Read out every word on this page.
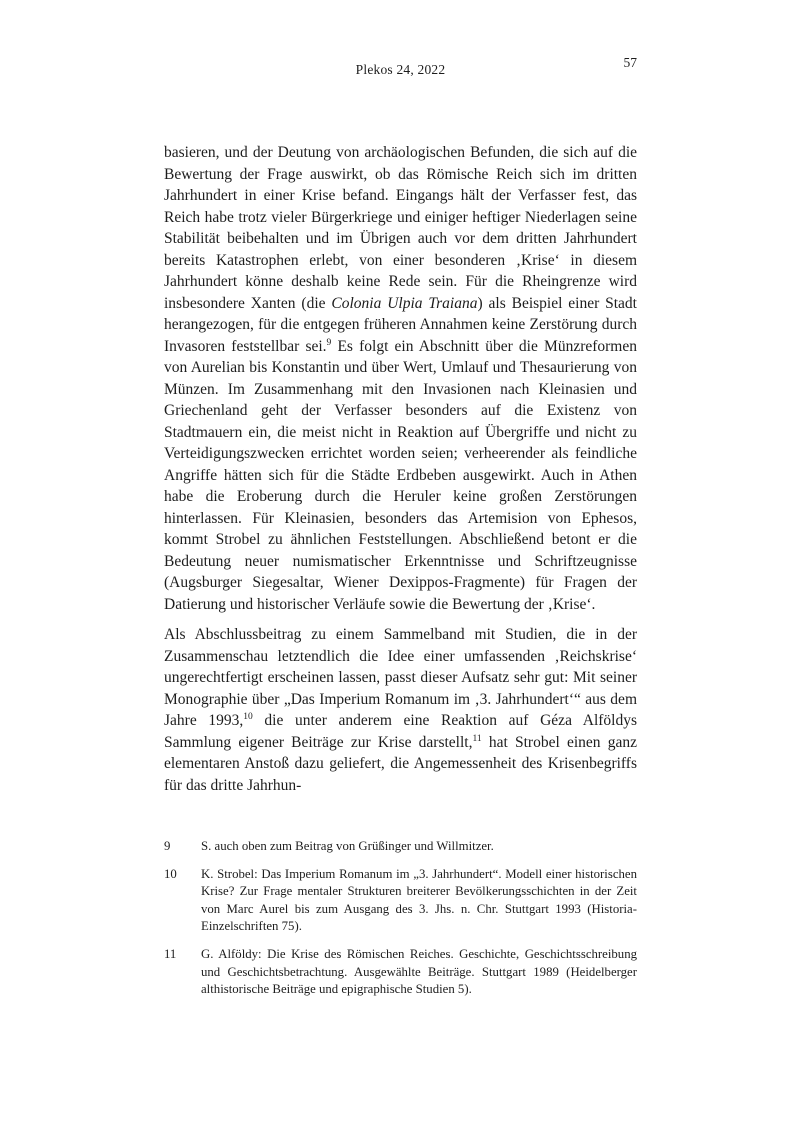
Plekos 24, 2022	57

basieren, und der Deutung von archäologischen Befunden, die sich auf die Bewertung der Frage auswirkt, ob das Römische Reich sich im dritten Jahrhundert in einer Krise befand. Eingangs hält der Verfasser fest, das Reich habe trotz vieler Bürgerkriege und einiger heftiger Niederlagen seine Stabilität beibehalten und im Übrigen auch vor dem dritten Jahrhundert bereits Katastrophen erlebt, von einer besonderen ‚Krise‘ in diesem Jahrhundert könne deshalb keine Rede sein. Für die Rheingrenze wird insbesondere Xanten (die Colonia Ulpia Traiana) als Beispiel einer Stadt herangezogen, für die entgegen früheren Annahmen keine Zerstörung durch Invasoren feststellbar sei.$^9$ Es folgt ein Abschnitt über die Münzreformen von Aurelian bis Konstantin und über Wert, Umlauf und Thesaurierung von Münzen. Im Zusammenhang mit den Invasionen nach Kleinasien und Griechenland geht der Verfasser besonders auf die Existenz von Stadtmauern ein, die meist nicht in Reaktion auf Übergriffe und nicht zu Verteidigungszwecken errichtet worden seien; verheerender als feindliche Angriffe hätten sich für die Städte Erdbeben ausgewirkt. Auch in Athen habe die Eroberung durch die Heruler keine großen Zerstörungen hinterlassen. Für Kleinasien, besonders das Artemision von Ephesos, kommt Strobel zu ähnlichen Feststellungen. Abschließend betont er die Bedeutung neuer numismatischer Erkenntnisse und Schriftzeugnisse (Augsburger Siegesaltar, Wiener Dexippos-Fragmente) für Fragen der Datierung und historischer Verläufe sowie die Bewertung der ‚Krise‘.

Als Abschlussbeitrag zu einem Sammelband mit Studien, die in der Zusammenschau letztendlich die Idee einer umfassenden ‚Reichskrise‘ ungerechtfertigt erscheinen lassen, passt dieser Aufsatz sehr gut: Mit seiner Monographie über „Das Imperium Romanum im ‚3. Jahrhundert‘“ aus dem Jahre 1993,10 die unter anderem eine Reaktion auf Géza Alföldys Sammlung eigener Beiträge zur Krise darstellt,$^{11}$ hat Strobel einen ganz elementaren Anstoß dazu geliefert, die Angemessenheit des Krisenbegriffs für das dritte Jahrhun-

9	S. auch oben zum Beitrag von Grüßinger und Willmitzer.
10	K. Strobel: Das Imperium Romanum im „3. Jahrhundert“. Modell einer historischen Krise? Zur Frage mentaler Strukturen breiterer Bevölkerungsschichten in der Zeit von Marc Aurel bis zum Ausgang des 3. Jhs. n. Chr. Stuttgart 1993 (Historia-Einzelschriften 75).
11	G. Alföldy: Die Krise des Römischen Reiches. Geschichte, Geschichtsschreibung und Geschichtsbetrachtung. Ausgewählte Beiträge. Stuttgart 1989 (Heidelberger althistorische Beiträge und epigraphische Studien 5).
